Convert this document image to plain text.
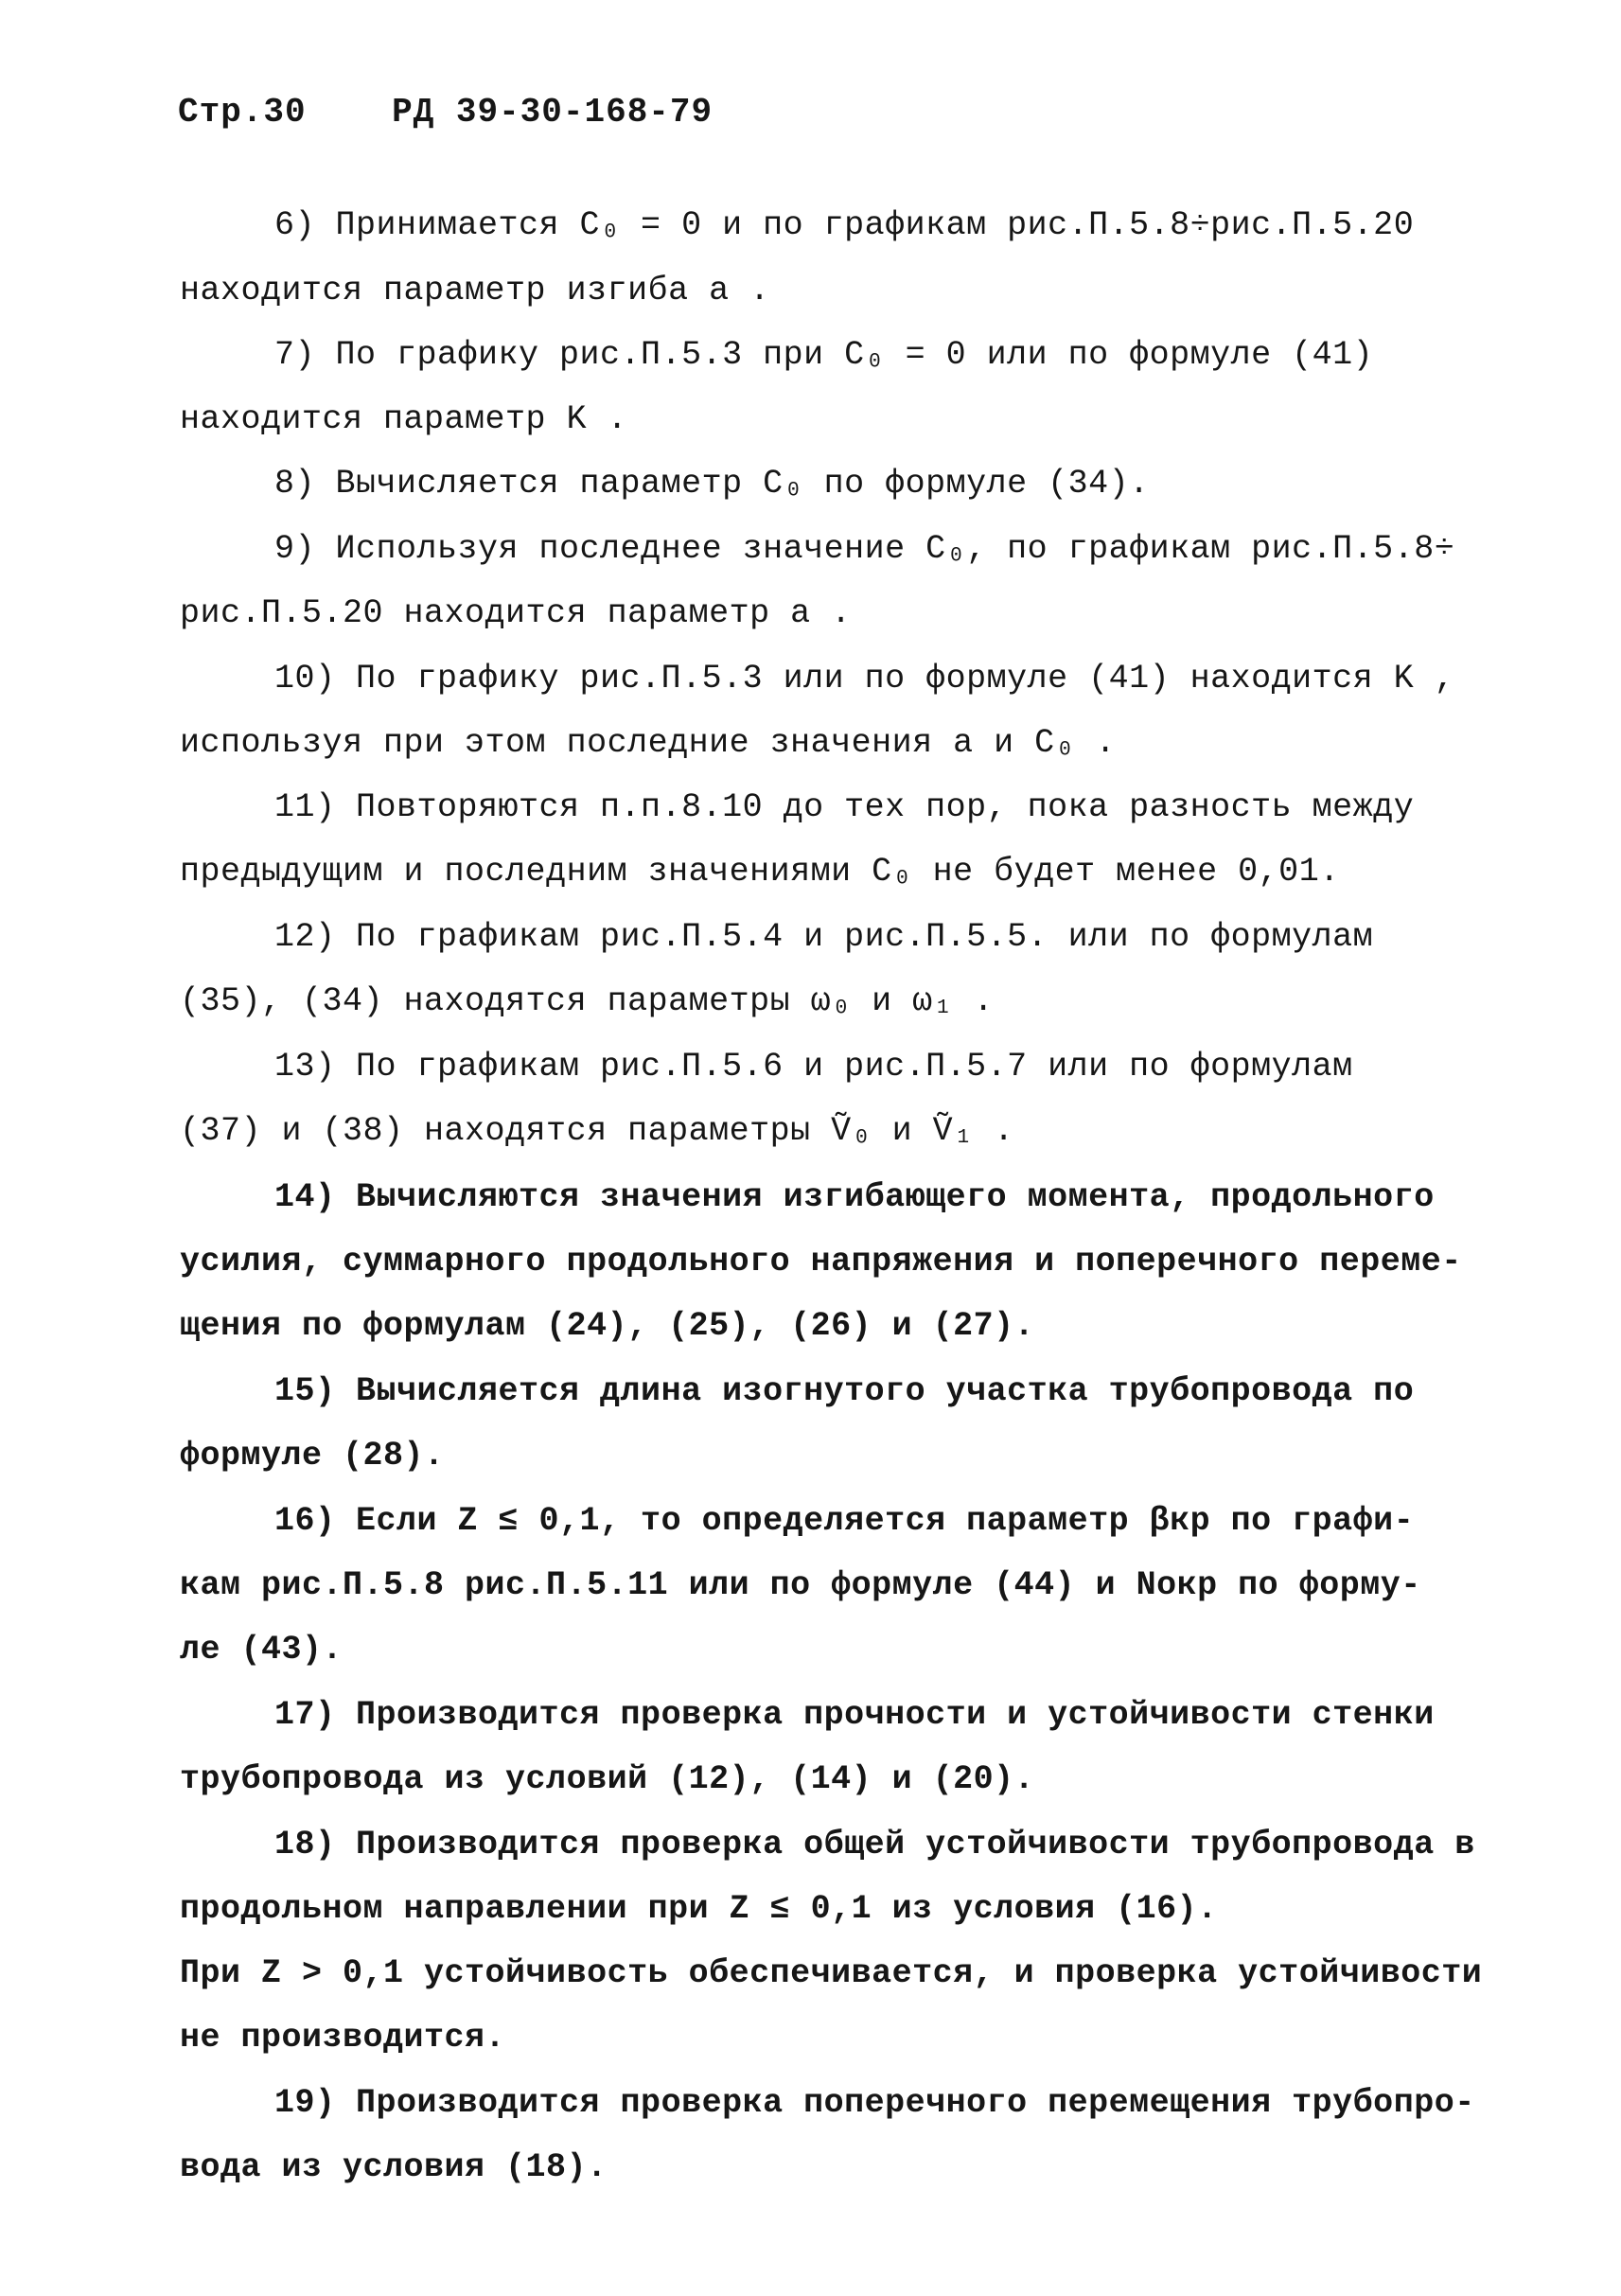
Стр.30	РД 39-30-168-79
6) Принимается C₀ = 0 и по графикам рис.П.5.8÷рис.П.5.20
находится параметр изгиба a .
7) По графику рис.П.5.3 при C₀ = 0 или по формуле (41)
находится параметр K .
8) Вычисляется параметр C₀ по формуле (34).
9) Используя последнее значение C₀, по графикам рис.П.5.8÷
рис.П.5.20 находится параметр a .
10) По графику рис.П.5.3 или по формуле (41) находится K ,
используя при этом последние значения a и C₀ .
11) Повторяются п.п.8.10 до тех пор, пока разность между
предыдущим и последним значениями C₀ не будет менее 0,01.
12) По графикам рис.П.5.4 и рис.П.5.5. или по формулам
(35), (34) находятся параметры ω₀ и ω₁ .
13) По графикам рис.П.5.6 и рис.П.5.7 или по формулам
(37) и (38) находятся параметры Ṽ₀ и Ṽ₁ .
14) Вычисляются значения изгибающего момента, продольного
усилия, суммарного продольного напряжения и поперечного переме-
щения по формулам (24), (25), (26) и (27).
15) Вычисляется длина изогнутого участка трубопровода по
формуле (28).
16) Если Z ≤ 0,1, то определяется параметр βкр по графи-
кам рис.П.5.8 рис.П.5.11 или по формуле (44) и Nокр по формy-
ле (43).
17) Производится проверка прочности и устойчивости стенки
трубопровода из условий (12), (14) и (20).
18) Производится проверка общей устойчивости трубопровода в
продольном направлении при Z ≤ 0,1 из условия (16).
При Z > 0,1 устойчивость обеспечивается, и проверка устойчивости
не производится.
19) Производится проверка поперечного перемещения трубопро-
вода из условия (18).
